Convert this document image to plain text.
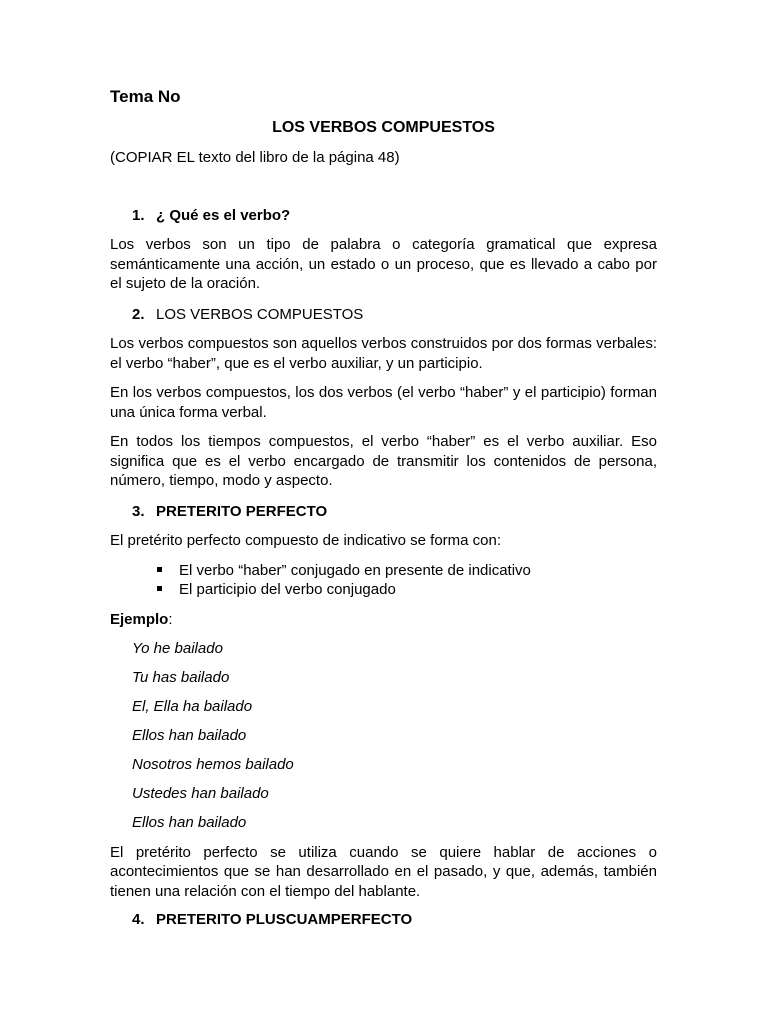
Tema No
LOS VERBOS COMPUESTOS
(COPIAR EL texto del libro de la página 48)
1. ¿ Qué es el verbo?

Los verbos son un tipo de palabra o categoría gramatical que expresa semánticamente una acción, un estado o un proceso, que es llevado a cabo por el sujeto de la oración.

2. LOS VERBOS COMPUESTOS

Los verbos compuestos son aquellos verbos construidos por dos formas verbales: el verbo “haber”, que es el verbo auxiliar, y un participio.

En los verbos compuestos, los dos verbos (el verbo “haber” y el participio) forman una única forma verbal.

En todos los tiempos compuestos, el verbo “haber” es el verbo auxiliar. Eso significa que es el verbo encargado de transmitir los contenidos de persona, número, tiempo, modo y aspecto.

3. PRETERITO PERFECTO

El pretérito perfecto compuesto de indicativo se forma con:

El verbo “haber” conjugado en presente de indicativo
El participio del verbo conjugado
Ejemplo:
Yo he bailado
Tu has bailado
El, Ella ha bailado
Ellos han bailado
Nosotros hemos bailado
Ustedes han bailado
Ellos han bailado

El pretérito perfecto se utiliza cuando se quiere hablar de acciones o acontecimientos que se han desarrollado en el pasado, y que, además, también tienen una relación con el tiempo del hablante.

4. PRETERITO PLUSCUAMPERFECTO
